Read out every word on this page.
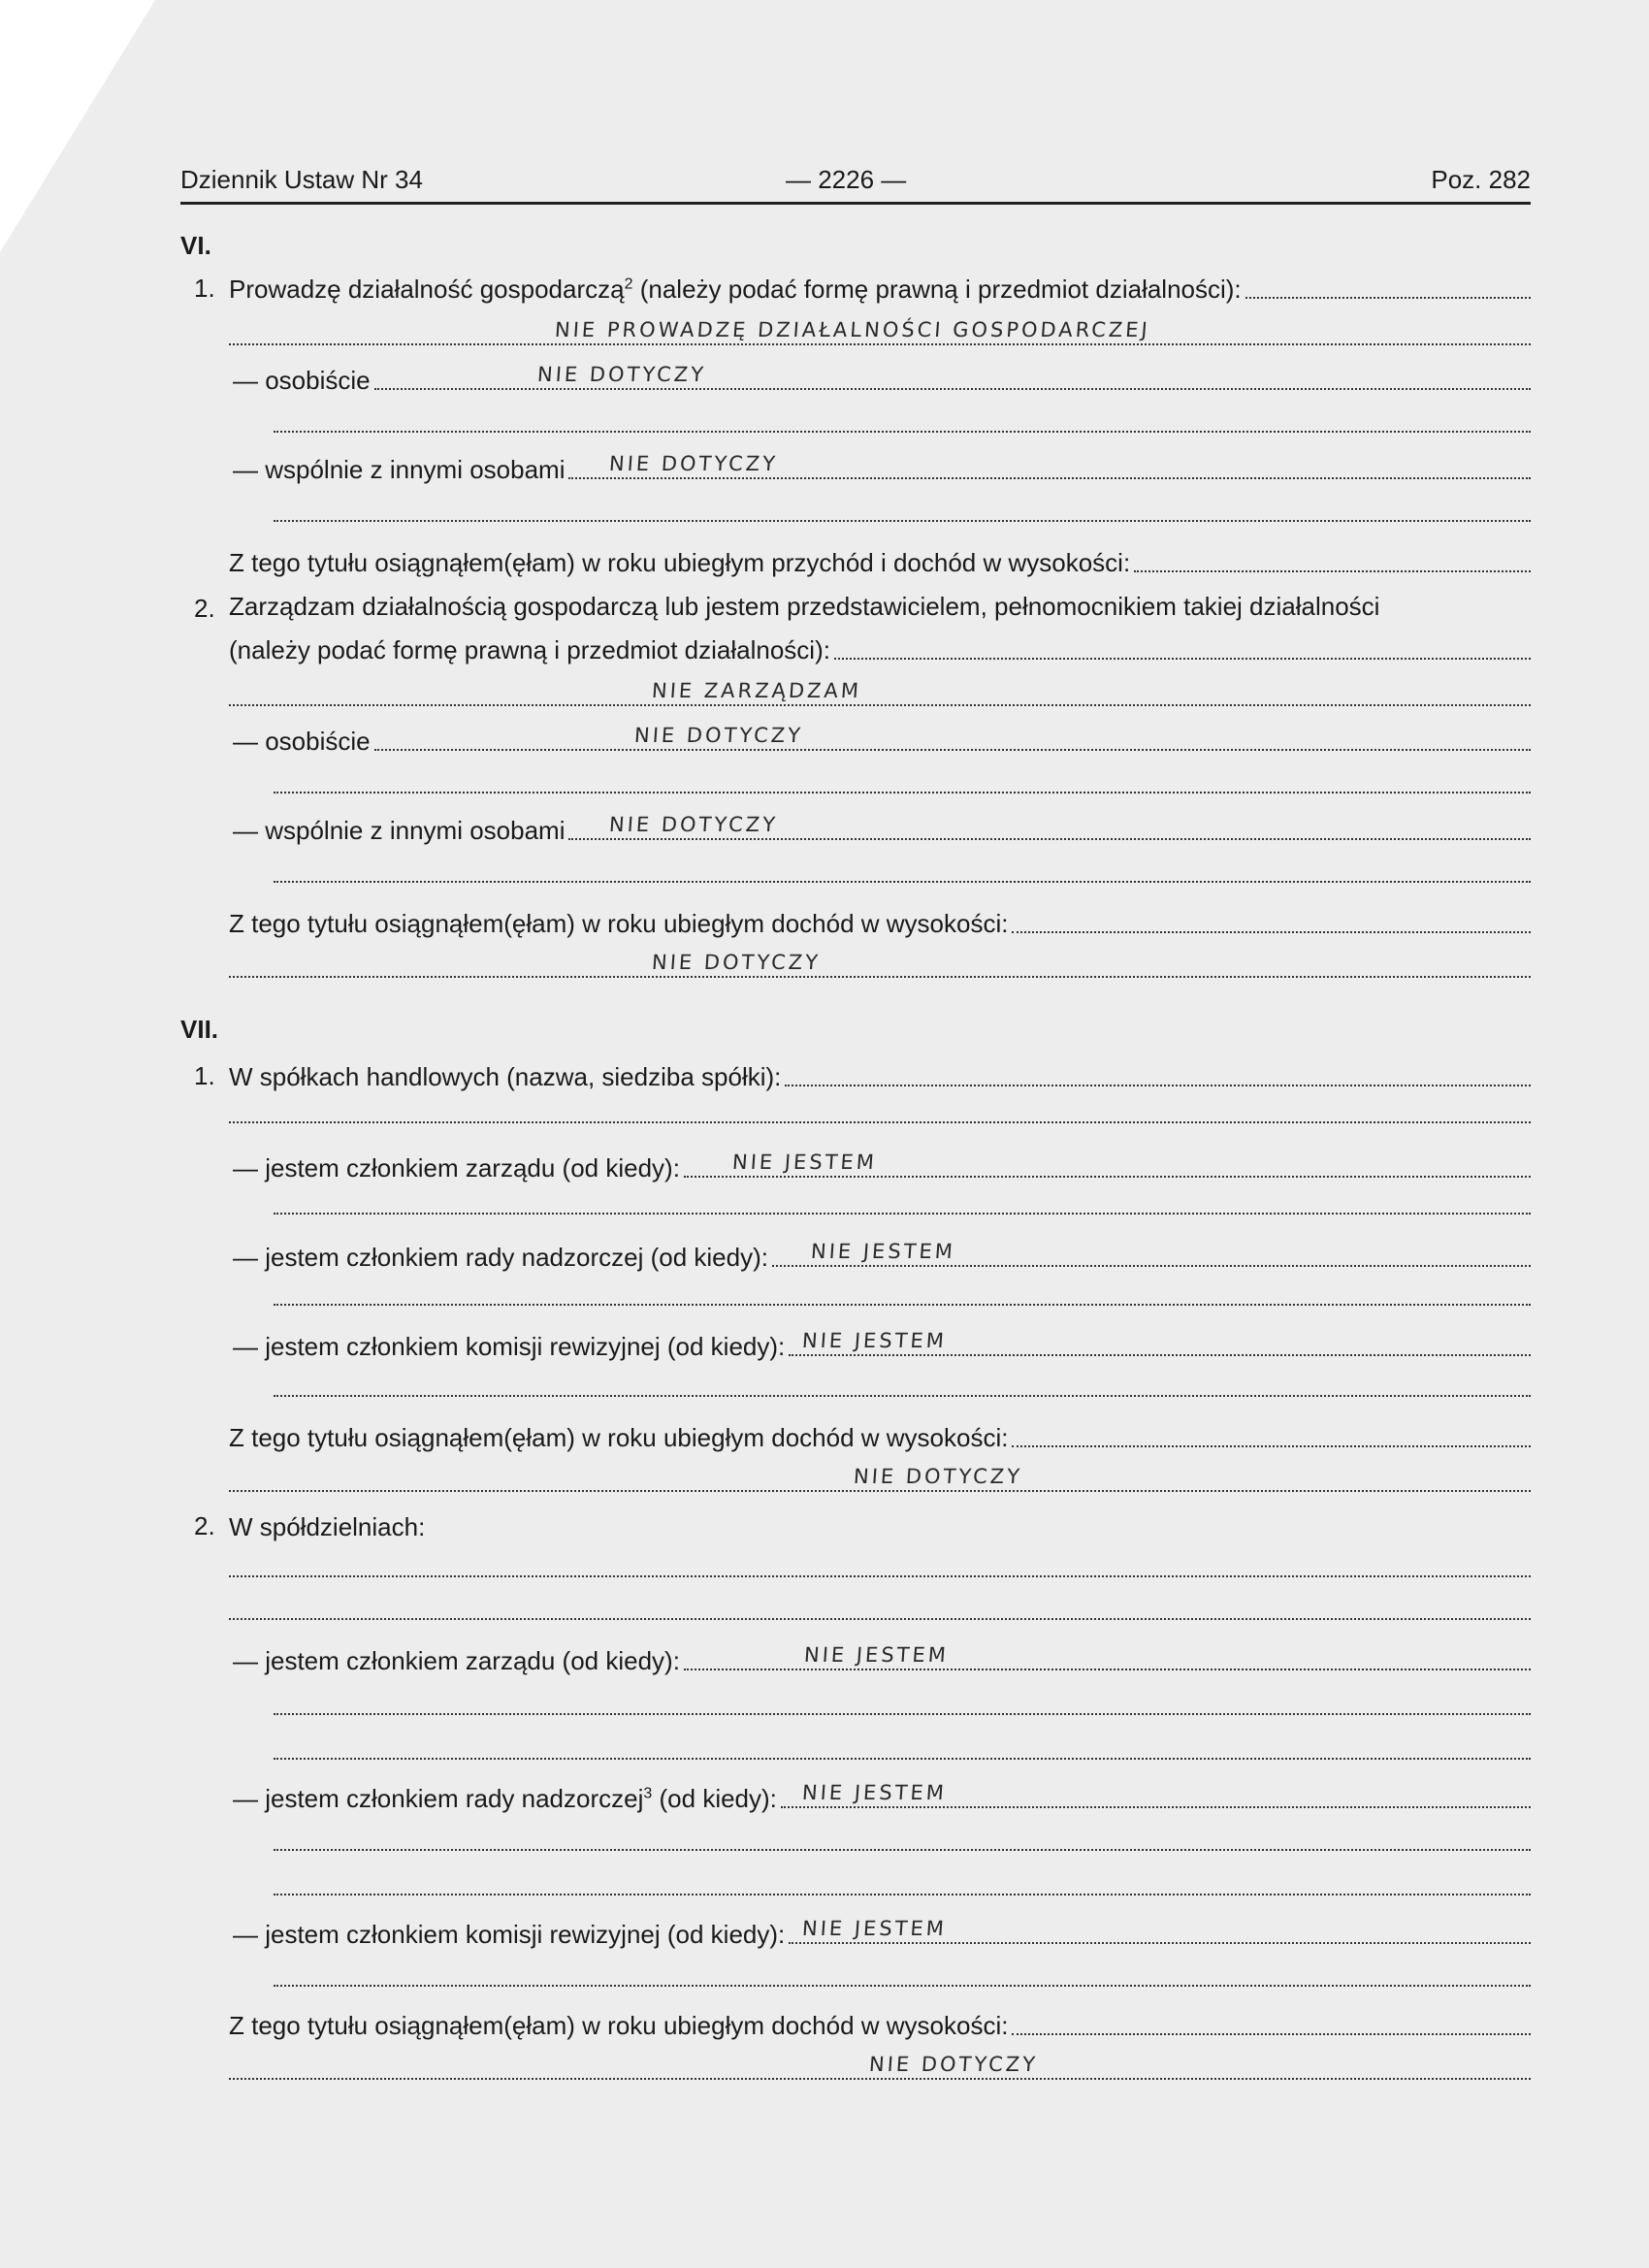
Dziennik Ustaw Nr 34	— 2226 —	Poz. 282
VI.
1. Prowadzę działalność gospodarczą$^2$ (należy podać formę prawną i przedmiot działalności):
NIE PROWADZĘ DZIAŁALNOŚCI GOSPODARCZEJ
— osobiście	NIE DOTYCZY
— wspólnie z innymi osobami NIE DOTYCZY
Z tego tytułu osiągnąłem(ęłam) w roku ubiegłym przychód i dochód w wysokości:
2. Zarządzam działalnością gospodarczą lub jestem przedstawicielem, pełnomocnikiem takiej działalności
(należy podać formę prawną i przedmiot działalności):
NIE ZARZĄDZAM
— osobiście	NIE DOTYCZY
— wspólnie z innymi osobami NIE DOTYCZY
Z tego tytułu osiągnąłem(ęłam) w roku ubiegłym dochód w wysokości:
NIE DOTYCZY
VII.
1. W spółkach handlowych (nazwa, siedziba spółki):
— jestem członkiem zarządu (od kiedy):	NIE JESTEM
— jestem członkiem rady nadzorczej (od kiedy): NIE JESTEM
— jestem członkiem komisji rewizyjnej (od kiedy): NIE JESTEM
Z tego tytułu osiągnąłem(ęłam) w roku ubiegłym dochód w wysokości:
NIE DOTYCZY
2. W spółdzielniach:
— jestem członkiem zarządu (od kiedy):	NIE JESTEM
— jestem członkiem rady nadzorczej$^3$ (od kiedy): NIE JESTEM
— jestem członkiem komisji rewizyjnej (od kiedy): NIE JESTEM
Z tego tytułu osiągnąłem(ęłam) w roku ubiegłym dochód w wysokości:
NIE DOTYCZY
